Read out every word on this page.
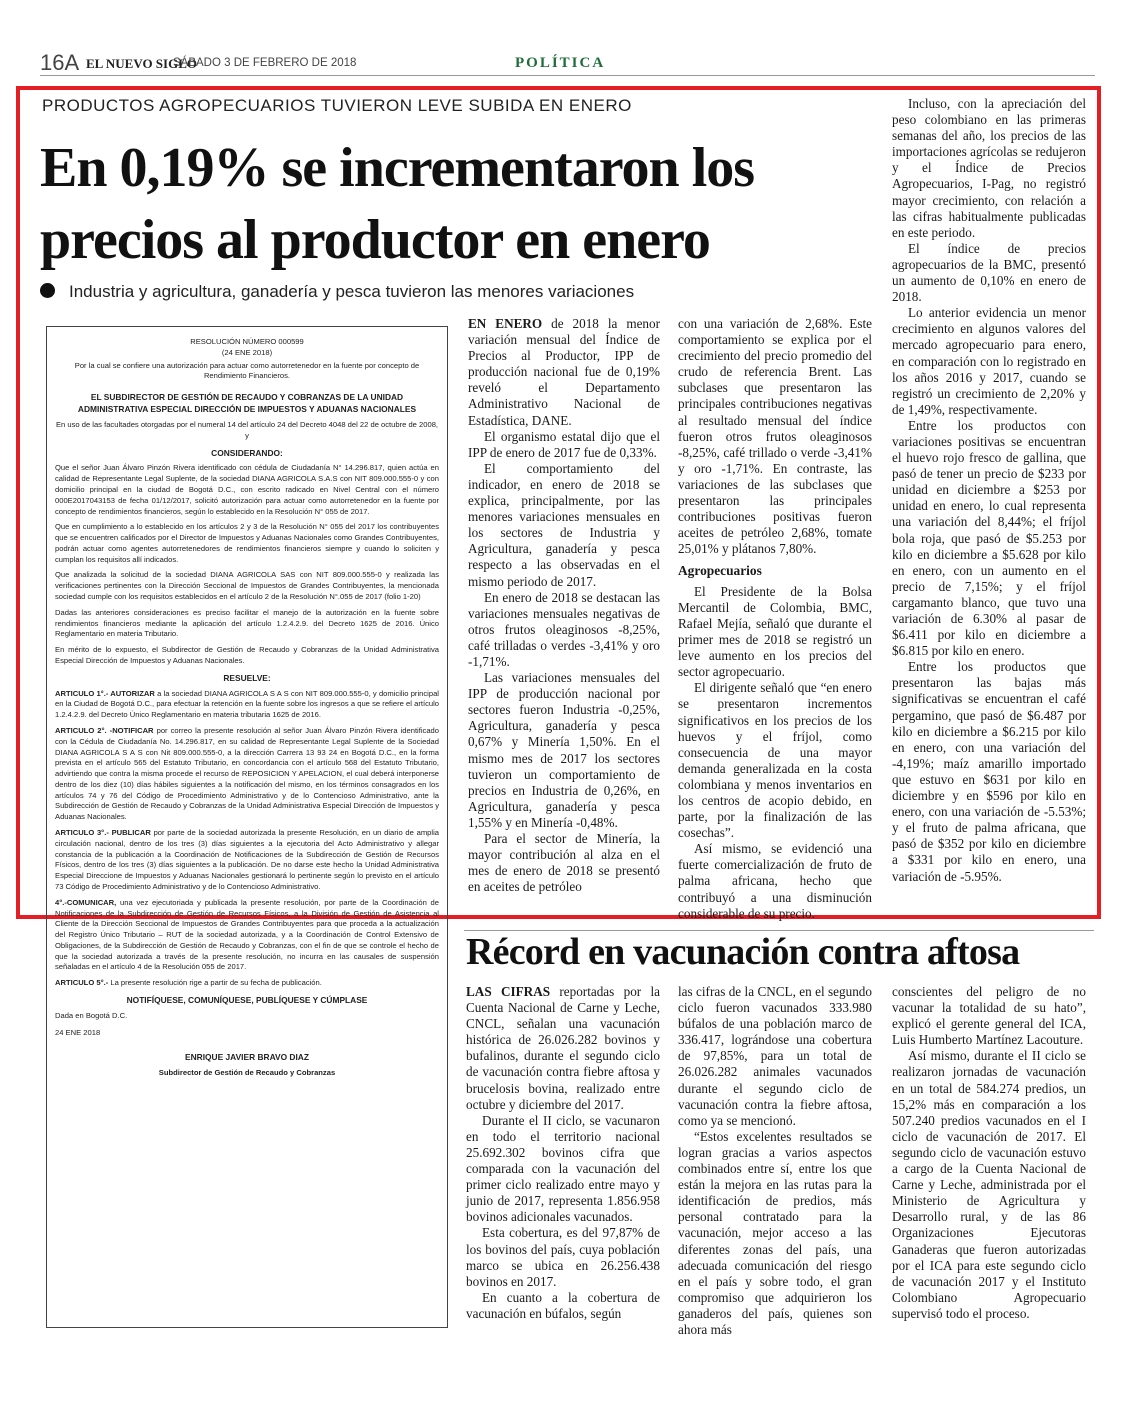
16A EL NUEVO SIGLO
SÁBADO 3 DE FEBRERO DE 2018	POLÍTICA
PRODUCTOS AGROPECUARIOS TUVIERON LEVE SUBIDA EN ENERO
En 0,19% se incrementaron los precios al productor en enero
Industria y agricultura, ganadería y pesca tuvieron las menores variaciones
RESOLUCIÓN NÚMERO 000599
(24 ENE 2018)
Por la cual se confiere una autorización para actuar como autorretenedor en la fuente por concepto de Rendimiento Financieros.
EL SUBDIRECTOR DE GESTIÓN DE RECAUDO Y COBRANZAS DE LA UNIDAD ADMINISTRATIVA ESPECIAL DIRECCIÓN DE IMPUESTOS Y ADUANAS NACIONALES
En uso de las facultades otorgadas por el numeral 14 del artículo 24 del Decreto 4048 del 22 de octubre de 2008, y
CONSIDERANDO:

Que el señor Juan Álvaro Pinzón Rivera identificado con cédula de Ciudadanía N° 14.296.817, quien actúa en calidad de Representante Legal Suplente, de la sociedad DIANA AGRICOLA S.A.S con NIT 809.000.555-0 y con domicilio principal en la ciudad de Bogotá D.C., con escrito radicado en Nivel Central con el número 000E2017043153 de fecha 01/12/2017, solicitó autorización para actuar como autorretenedor en la fuente por concepto de rendimientos financieros, según lo establecido en la Resolución N° 055 de 2017.

Que en cumplimiento a lo establecido en los artículos 2 y 3 de la Resolución N° 055 del 2017 los contribuyentes que se encuentren calificados por el Director de Impuestos y Aduanas Nacionales como Grandes Contribuyentes, podrán actuar como agentes autorretenedores de rendimientos financieros siempre y cuando lo soliciten y cumplan los requisitos allí indicados.

Que analizada la solicitud de la sociedad DIANA AGRICOLA SAS con NIT 809.000.555-0 y realizada las verificaciones pertinentes con la Dirección Seccional de Impuestos de Grandes Contribuyentes, la mencionada sociedad cumple con los requisitos establecidos en el artículo 2 de la Resolución N°.055 de 2017 (folio 1-20)

Dadas las anteriores consideraciones es preciso facilitar el manejo de la autorización en la fuente sobre rendimientos financieros mediante la aplicación del artículo 1.2.4.2.9. del Decreto 1625 de 2016. Único Reglamentario en materia Tributario.

En mérito de lo expuesto, el Subdirector de Gestión de Recaudo y Cobranzas de la Unidad Administrativa Especial Dirección de Impuestos y Aduanas Nacionales.

RESUELVE:

ARTICULO 1°.- AUTORIZAR a la sociedad DIANA AGRICOLA S A S con NIT 809.000.555-0, y domicilio principal en la Ciudad de Bogotá D.C., para efectuar la retención en la fuente sobre los ingresos a que se refiere el artículo 1.2.4.2.9. del Decreto Único Reglamentario en materia tributaria 1625 de 2016.

ARTICULO 2°. -NOTIFICAR por correo la presente resolución al señor Juan Álvaro Pinzón Rivera identificado con la Cédula de Ciudadanía No. 14.296.817, en su calidad de Representante Legal Suplente de la Sociedad DIANA AGRICOLA S A S con Nit 809.000.555-0, a la dirección Carrera 13 93 24 en Bogotá D.C., en la forma prevista en el artículo 565 del Estatuto Tributario, en concordancia con el artículo 568 del Estatuto Tributario, advirtiendo que contra la misma procede el recurso de REPOSICION Y APELACION, el cual deberá interponerse dentro de los diez (10) días hábiles siguientes a la notificación del mismo, en los términos consagrados en los artículos 74 y 76 del Código de Procedimiento Administrativo y de lo Contencioso Administrativo, ante la Subdirección de Gestión de Recaudo y Cobranzas de la Unidad Administrativa Especial Dirección de Impuestos y Aduanas Nacionales.

ARTICULO 3°.- PUBLICAR por parte de la sociedad autorizada la presente Resolución, en un diario de amplia circulación nacional, dentro de los tres (3) días siguientes a la ejecutoria del Acto Administrativo y allegar constancia de la publicación a la Coordinación de Notificaciones de la Subdirección de Gestión de Recursos Físicos, dentro de los tres (3) días siguientes a la publicación. De no darse este hecho la Unidad Administrativa Especial Direccione de Impuestos y Aduanas Nacionales gestionará lo pertinente según lo previsto en el artículo 73 Código de Procedimiento Administrativo y de lo Contencioso Administrativo.

4°.-COMUNICAR, una vez ejecutoriada y publicada la presente resolución, por parte de la Coordinación de Notificaciones de la Subdirección de Gestión de Recursos Físicos, a la División de Gestión de Asistencia al Cliente de la Dirección Seccional de Impuestos de Grandes Contribuyentes para que proceda a la actualización del Registro Único Tributario – RUT de la sociedad autorizada, y a la Coordinación de Control Extensivo de Obligaciones, de la Subdirección de Gestión de Recaudo y Cobranzas, con el fin de que se controle el hecho de que la sociedad autorizada a través de la presente resolución, no incurra en las causales de suspensión señaladas en el artículo 4 de la Resolución 055 de 2017.

ARTICULO 5°.- La presente resolución rige a partir de su fecha de publicación.

NOTIFÍQUESE, COMUNÍQUESE, PUBLÍQUESE Y CÚMPLASE
Dada en Bogotá D.C.
24 ENE 2018
ENRIQUE JAVIER BRAVO DIAZ
Subdirector de Gestión de Recaudo y Cobranzas

EN ENERO de 2018 la menor variación mensual del Índice de Precios al Productor, IPP de producción nacional fue de 0,19% reveló el Departamento Administrativo Nacional de Estadística, DANE.

El organismo estatal dijo que el IPP de enero de 2017 fue de 0,33%.

El comportamiento del indicador, en enero de 2018 se explica, principalmente, por las menores variaciones mensuales en los sectores de Industria y Agricultura, ganadería y pesca respecto a las observadas en el mismo periodo de 2017.

En enero de 2018 se destacan las variaciones mensuales negativas de otros frutos oleaginosos -8,25%, café trilladas o verdes -3,41% y oro -1,71%.

Las variaciones mensuales del IPP de producción nacional por sectores fueron Industria -0,25%, Agricultura, ganadería y pesca 0,67% y Minería 1,50%. En el mismo mes de 2017 los sectores tuvieron un comportamiento de precios en Industria de 0,26%, en Agricultura, ganadería y pesca 1,55% y en Minería -0,48%.

Para el sector de Minería, la mayor contribución al alza en el mes de enero de 2018 se presentó en aceites de petróleo

con una variación de 2,68%. Este comportamiento se explica por el crecimiento del precio promedio del crudo de referencia Brent. Las subclases que presentaron las principales contribuciones negativas al resultado mensual del índice fueron otros frutos oleaginosos -8,25%, café trillado o verde -3,41% y oro -1,71%. En contraste, las variaciones de las subclases que presentaron las principales contribuciones positivas fueron aceites de petróleo 2,68%, tomate 25,01% y plátanos 7,80%.

Agropecuarios

El Presidente de la Bolsa Mercantil de Colombia, BMC, Rafael Mejía, señaló que durante el primer mes de 2018 se registró un leve aumento en los precios del sector agropecuario.

El dirigente señaló que “en enero se presentaron incrementos significativos en los precios de los huevos y el fríjol, como consecuencia de una mayor demanda generalizada en la costa colombiana y menos inventarios en los centros de acopio debido, en parte, por la finalización de las cosechas”.

Así mismo, se evidenció una fuerte comercialización de fruto de palma africana, hecho que contribuyó a una disminución considerable de su precio.

Incluso, con la apreciación del peso colombiano en las primeras semanas del año, los precios de las importaciones agrícolas se redujeron y el Índice de Precios Agropecuarios, I-Pag, no registró mayor crecimiento, con relación a las cifras habitualmente publicadas en este periodo.

El índice de precios agropecuarios de la BMC, presentó un aumento de 0,10% en enero de 2018.

Lo anterior evidencia un menor crecimiento en algunos valores del mercado agropecuario para enero, en comparación con lo registrado en los años 2016 y 2017, cuando se registró un crecimiento de 2,20% y de 1,49%, respectivamente.

Entre los productos con variaciones positivas se encuentran el huevo rojo fresco de gallina, que pasó de tener un precio de $233 por unidad en diciembre a $253 por unidad en enero, lo cual representa una variación del 8,44%; el fríjol bola roja, que pasó de $5.253 por kilo en diciembre a $5.628 por kilo en enero, con un aumento en el precio de 7,15%; y el fríjol cargamanto blanco, que tuvo una variación de 6.30% al pasar de $6.411 por kilo en diciembre a $6.815 por kilo en enero.

Entre los productos que presentaron las bajas más significativas se encuentran el café pergamino, que pasó de $6.487 por kilo en diciembre a $6.215 por kilo en enero, con una variación del -4,19%; maíz amarillo importado que estuvo en $631 por kilo en diciembre y en $596 por kilo en enero, con una variación de -5.53%; y el fruto de palma africana, que pasó de $352 por kilo en diciembre a $331 por kilo en enero, una variación de -5.95%.

Récord en vacunación contra aftosa

LAS CIFRAS reportadas por la Cuenta Nacional de Carne y Leche, CNCL, señalan una vacunación histórica de 26.026.282 bovinos y bufalinos, durante el segundo ciclo de vacunación contra fiebre aftosa y brucelosis bovina, realizado entre octubre y diciembre del 2017.

Durante el II ciclo, se vacunaron en todo el territorio nacional 25.692.302 bovinos cifra que comparada con la vacunación del primer ciclo realizado entre mayo y junio de 2017, representa 1.856.958 bovinos adicionales vacunados.

Esta cobertura, es del 97,87% de los bovinos del país, cuya población marco se ubica en 26.256.438 bovinos en 2017.

En cuanto a la cobertura de vacunación en búfalos, según

las cifras de la CNCL, en el segundo ciclo fueron vacunados 333.980 búfalos de una población marco de 336.417, lográndose una cobertura de 97,85%, para un total de 26.026.282 animales vacunados durante el segundo ciclo de vacunación contra la fiebre aftosa, como ya se mencionó.

“Estos excelentes resultados se logran gracias a varios aspectos combinados entre sí, entre los que están la mejora en las rutas para la identificación de predios, más personal contratado para la vacunación, mejor acceso a las diferentes zonas del país, una adecuada comunicación del riesgo en el país y sobre todo, el gran compromiso que adquirieron los ganaderos del país, quienes son ahora más

conscientes del peligro de no vacunar la totalidad de su hato”, explicó el gerente general del ICA, Luis Humberto Martínez Lacouture.

Así mismo, durante el II ciclo se realizaron jornadas de vacunación en un total de 584.274 predios, un 15,2% más en comparación a los 507.240 predios vacunados en el I ciclo de vacunación de 2017. El segundo ciclo de vacunación estuvo a cargo de la Cuenta Nacional de Carne y Leche, administrada por el Ministerio de Agricultura y Desarrollo rural, y de las 86 Organizaciones Ejecutoras Ganaderas que fueron autorizadas por el ICA para este segundo ciclo de vacunación 2017 y el Instituto Colombiano Agropecuario supervisó todo el proceso.
